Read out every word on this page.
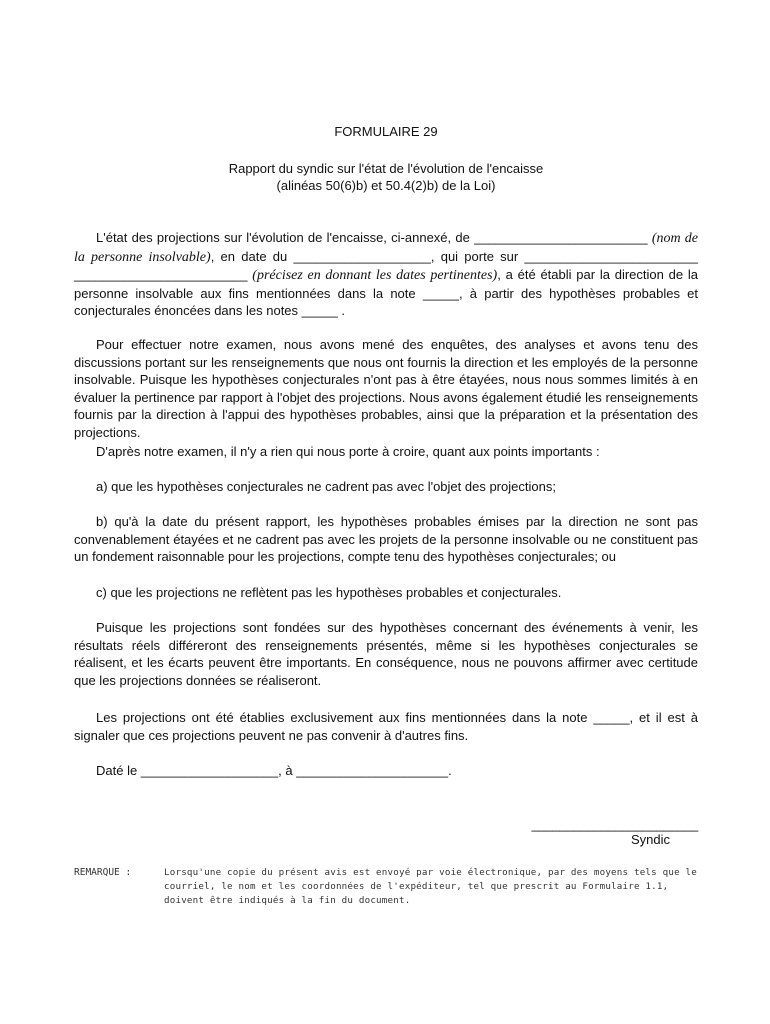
FORMULAIRE 29
Rapport du syndic sur l'état de l'évolution de l'encaisse
(alinéas 50(6)b) et 50.4(2)b) de la Loi)
L'état des projections sur l'évolution de l'encaisse, ci-annexé, de ________________________ (nom de la personne insolvable), en date du ___________________, qui porte sur ________________________ ________________________ (précisez en donnant les dates pertinentes), a été établi par la direction de la personne insolvable aux fins mentionnées dans la note _____, à partir des hypothèses probables et conjecturales énoncées dans les notes _____ .
Pour effectuer notre examen, nous avons mené des enquêtes, des analyses et avons tenu des discussions portant sur les renseignements que nous ont fournis la direction et les employés de la personne insolvable. Puisque les hypothèses conjecturales n'ont pas à être étayées, nous nous sommes limités à en évaluer la pertinence par rapport à l'objet des projections. Nous avons également étudié les renseignements fournis par la direction à l'appui des hypothèses probables, ainsi que la préparation et la présentation des projections.
D'après notre examen, il n'y a rien qui nous porte à croire, quant aux points importants :
a) que les hypothèses conjecturales ne cadrent pas avec l'objet des projections;
b) qu'à la date du présent rapport, les hypothèses probables émises par la direction ne sont pas convenablement étayées et ne cadrent pas avec les projets de la personne insolvable ou ne constituent pas un fondement raisonnable pour les projections, compte tenu des hypothèses conjecturales; ou
c) que les projections ne reflètent pas les hypothèses probables et conjecturales.
Puisque les projections sont fondées sur des hypothèses concernant des événements à venir, les résultats réels différeront des renseignements présentés, même si les hypothèses conjecturales se réalisent, et les écarts peuvent être importants. En conséquence, nous ne pouvons affirmer avec certitude que les projections données se réaliseront.
Les projections ont été établies exclusivement aux fins mentionnées dans la note _____, et il est à signaler que ces projections peuvent ne pas convenir à d'autres fins.
Daté le ___________________, à _____________________.
________________________
Syndic
REMARQUE :	Lorsqu'une copie du présent avis est envoyé par voie électronique, par des moyens tels que le courriel, le nom et les coordonnées de l'expéditeur, tel que prescrit au Formulaire 1.1, doivent être indiqués à la fin du document.
